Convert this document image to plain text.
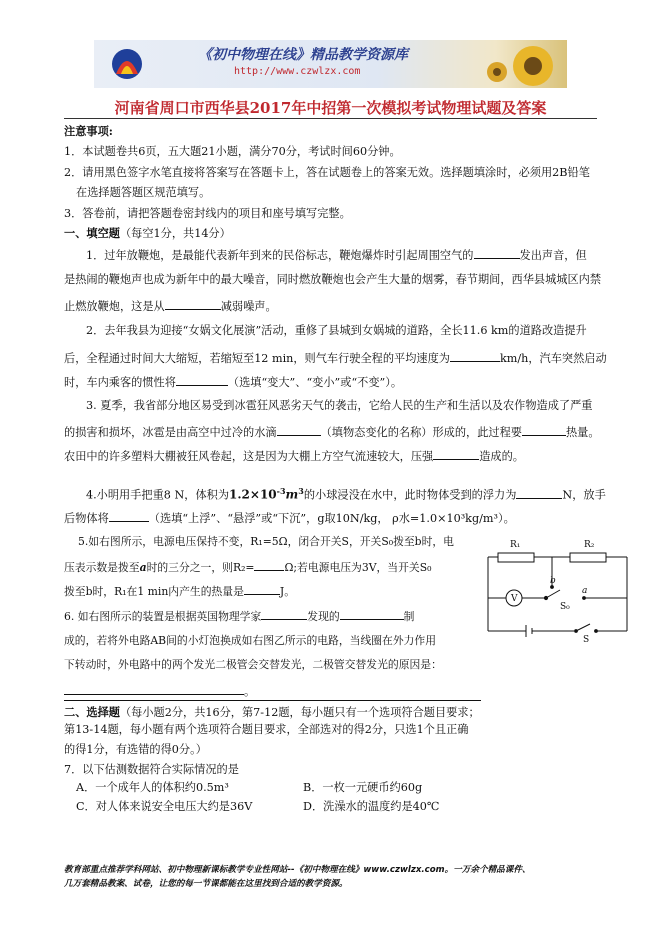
《初中物理在线》精品教学资源库
http://www.czwlzx.com
河南省周口市西华县2017年中招第一次模拟考试物理试题及答案
注意事项:
1．本试题卷共6页，五大题21小题，满分70分，考试时间60分钟。
2．请用黑色签字水笔直接将答案写在答题卡上，答在试题卷上的答案无效。选择题填涂时，必须用2B铅笔
在选择题答题区规范填写。
3．答卷前，请把答题卷密封线内的项目和座号填写完整。
一、填空题（每空1分，共14分）
1．过年放鞭炮，是最能代表新年到来的民俗标志，鞭炮爆炸时引起周围空气的	发出声音，但
是热闹的鞭炮声也成为新年中的最大噪音，同时燃放鞭炮也会产生大量的烟雾，春节期间，西华县城城区内禁
止燃放鞭炮，这是从	减弱噪声。
2．去年我县为迎接“女娲文化展演”活动，重修了县城到女娲城的道路，全长11.6 km的道路改造提升
后，全程通过时间大大缩短，若缩短至12 min，则气车行驶全程的平均速度为	km/h，汽车突然启动
时，车内乘客的惯性将	（选填“变大”、“变小”或“不变”）。
3. 夏季，我省部分地区易受到冰雹狂风恶劣天气的袭击，它给人民的生产和生活以及农作物造成了严重
的损害和损坏，冰雹是由高空中过冷的水滴	（填物态变化的名称）形成的，此过程要	热量。
农田中的许多塑料大棚被狂风卷起，这是因为大棚上方空气流速较大，压强	造成的。
4.小明用手把重8 N，体积为$1.2\times 10^{-3}m^3$的小球浸没在水中，此时物体受到的浮力为	N，放手
后物体将	（选填“上浮”、“悬浮”或“下沉”，g取10N/kg， ρ水=1.0×10³kg/m³）。
5.如右图所示，电源电压保持不变，R₁=5Ω，闭合开关S，开关S₀拨至b时，电
压表示数是拨至a时的三分之一，则R₂=	Ω;若电源电压为3V，当开关S₀
拨至b时，R₁在1 min内产生的热量是	J。
6. 如右图所示的装置是根据英国物理学家	发现的	制
成的，若将外电路AB间的小灯泡换成如右图乙所示的电路，当线圈在外力作用
下转动时，外电路中的两个发光二极管会交替发光，二极管交替发光的原因是：
。
R₁	R₂
V
b
a
S₀
S
二、选择题（每小题2分，共16分，第7-12题，每小题只有一个选项符合题目要求；
第13-14题，每小题有两个选项符合题目要求，全部选对的得2分，只选1个且正确
的得1分，有选错的得0分。）
7．以下估测数据符合实际情况的是
A．一个成年人的体积约0.5m³	B．一枚一元硬币约60g
C．对人体来说安全电压大约是36V	D．洗澡水的温度约是40℃
教育部重点推荐学科网站、初中物理新课标教学专业性网站--《初中物理在线》www.czwlzx.com。一万余个精品课件、
几万套精品教案、试卷，让您的每一节课都能在这里找到合适的教学资源。
